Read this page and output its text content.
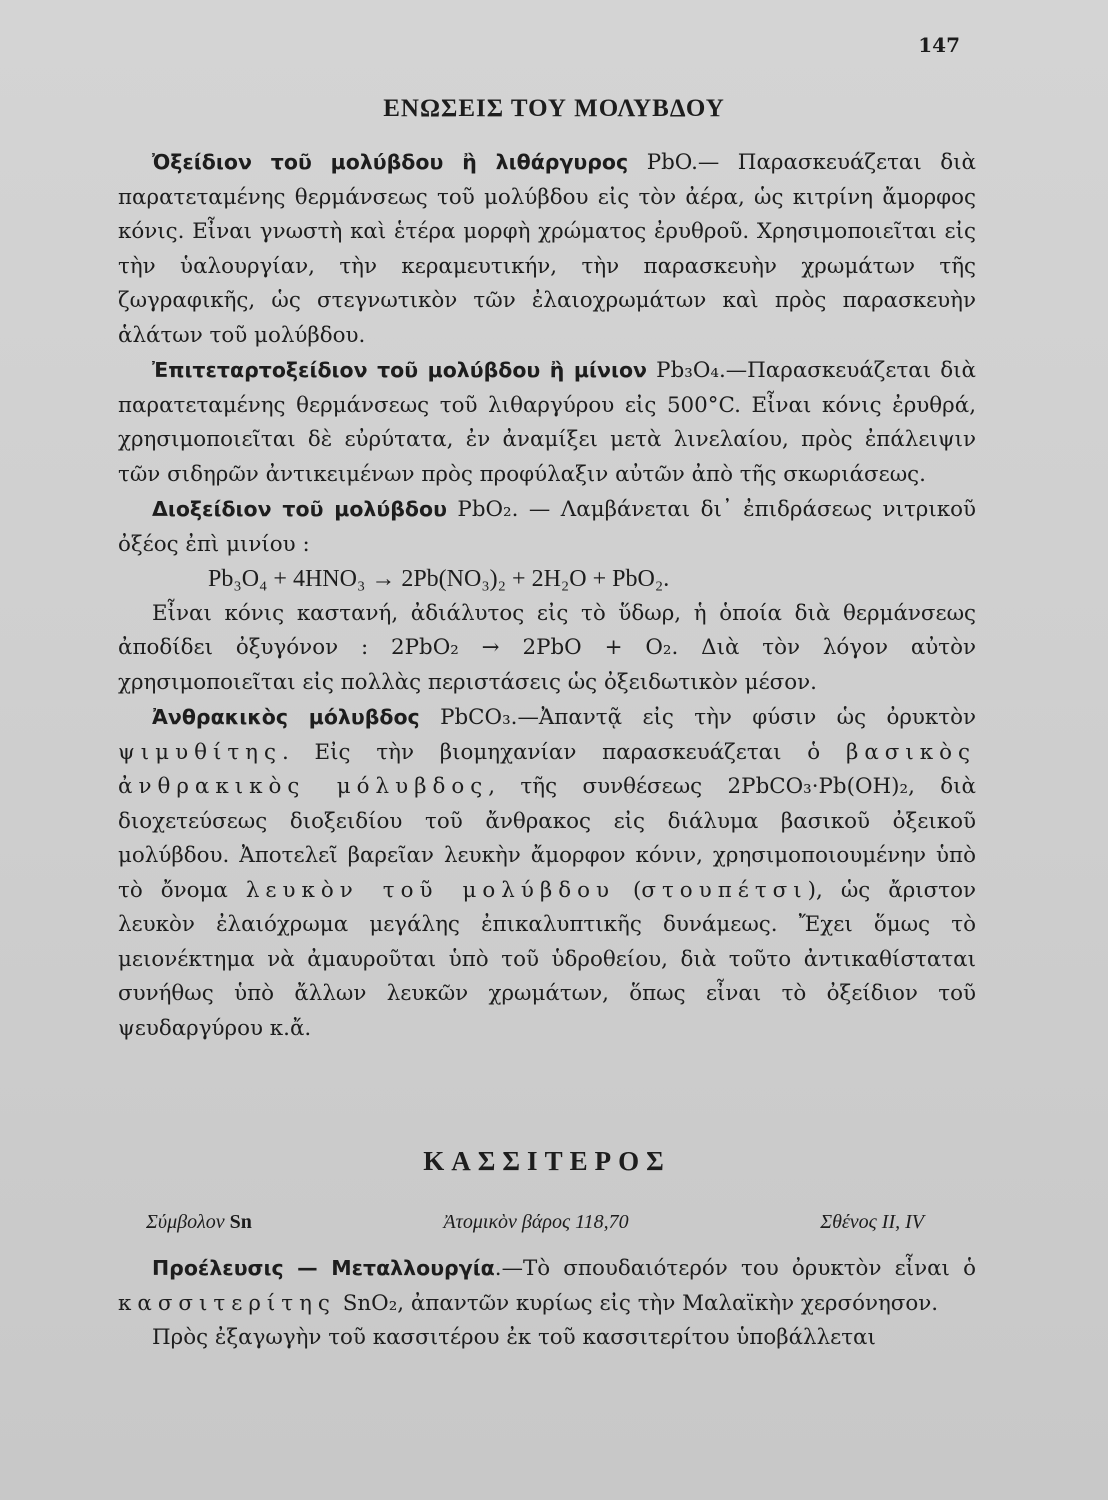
147
ΕΝΩΣΕΙΣ ΤΟΥ ΜΟΛΥΒΔΟΥ

Ὀξείδιον τοῦ μολύβδου ἢ λιθάργυρος PbO.— Παρασκευάζεται διὰ παρατεταμένης θερμάνσεως τοῦ μολύβδου εἰς τὸν ἀέρα, ὡς κιτρίνη ἄμορφος κόνις. Εἶναι γνωστὴ καὶ ἑτέρα μορφὴ χρώματος ἐρυθροῦ. Χρησιμοποιεῖται εἰς τὴν ὑαλουργίαν, τὴν κεραμευτικήν, τὴν παρασκευὴν χρωμάτων τῆς ζωγραφικῆς, ὡς στεγνωτικὸν τῶν ἐλαιοχρωμάτων καὶ πρὸς παρασκευὴν ἁλάτων τοῦ μολύβδου.

Ἐπιτεταρτοξείδιον τοῦ μολύβδου ἢ μίνιον Pb₃O₄.—Παρασκευάζεται διὰ παρατεταμένης θερμάνσεως τοῦ λιθαργύρου εἰς 500°C. Εἶναι κόνις ἐρυθρά, χρησιμοποιεῖται δὲ εὐρύτατα, ἐν ἀναμίξει μετὰ λινελαίου, πρὸς ἐπάλειψιν τῶν σιδηρῶν ἀντικειμένων πρὸς προφύλαξιν αὐτῶν ἀπὸ τῆς σκωριάσεως.

Διοξείδιον τοῦ μολύβδου PbO₂. — Λαμβάνεται δι᾽ ἐπιδράσεως νιτρικοῦ ὀξέος ἐπὶ μινίου :

Pb₃O₄ + 4HNO₃ → 2Pb(NO₃)₂ + 2H₂O + PbO₂.

Εἶναι κόνις καστανή, ἀδιάλυτος εἰς τὸ ὕδωρ, ἡ ὁποία διὰ θερμάνσεως ἀποδίδει ὀξυγόνον : 2PbO₂ → 2PbO + O₂. Διὰ τὸν λόγον αὐτὸν χρησιμοποιεῖται εἰς πολλὰς περιστάσεις ὡς ὀξειδωτικὸν μέσον.

Ἀνθρακικὸς μόλυβδος PbCO₃.—Ἀπαντᾷ εἰς τὴν φύσιν ὡς ὀρυκτὸν ψιμυθίτης. Εἰς τὴν βιομηχανίαν παρασκευάζεται ὁ βασικὸς ἀνθρακικὸς μόλυβδος, τῆς συνθέσεως 2PbCO₃·Pb(OH)₂, διὰ διοχετεύσεως διοξειδίου τοῦ ἄνθρακος εἰς διάλυμα βασικοῦ ὀξεικοῦ μολύβδου. Ἀποτελεῖ βαρεῖαν λευκὴν ἄμορφον κόνιν, χρησιμοποιουμένην ὑπὸ τὸ ὄνομα λευκὸν τοῦ μολύβδου (στουπέτσι), ὡς ἄριστον λευκὸν ἐλαιόχρωμα μεγάλης ἐπικαλυπτικῆς δυνάμεως. Ἔχει ὅμως τὸ μειονέκτημα νὰ ἀμαυροῦται ὑπὸ τοῦ ὑδροθείου, διὰ τοῦτο ἀντικαθίσταται συνήθως ὑπὸ ἄλλων λευκῶν χρωμάτων, ὅπως εἶναι τὸ ὀξείδιον τοῦ ψευδαργύρου κ.ἄ.

ΚΑΣΣΙΤΕΡΟΣ
Σύμβολον Sn	Ἀτομικὸν βάρος 118,70	Σθένος II, IV

Προέλευσις — Μεταλλουργία.—Τὸ σπουδαιότερόν του ὀρυκτὸν εἶναι ὁ κασσιτερίτης SnO₂, ἀπαντῶν κυρίως εἰς τὴν Μαλαϊκὴν χερσόνησον.

Πρὸς ἐξαγωγὴν τοῦ κασσιτέρου ἐκ τοῦ κασσιτερίτου ὑποβάλλεται
